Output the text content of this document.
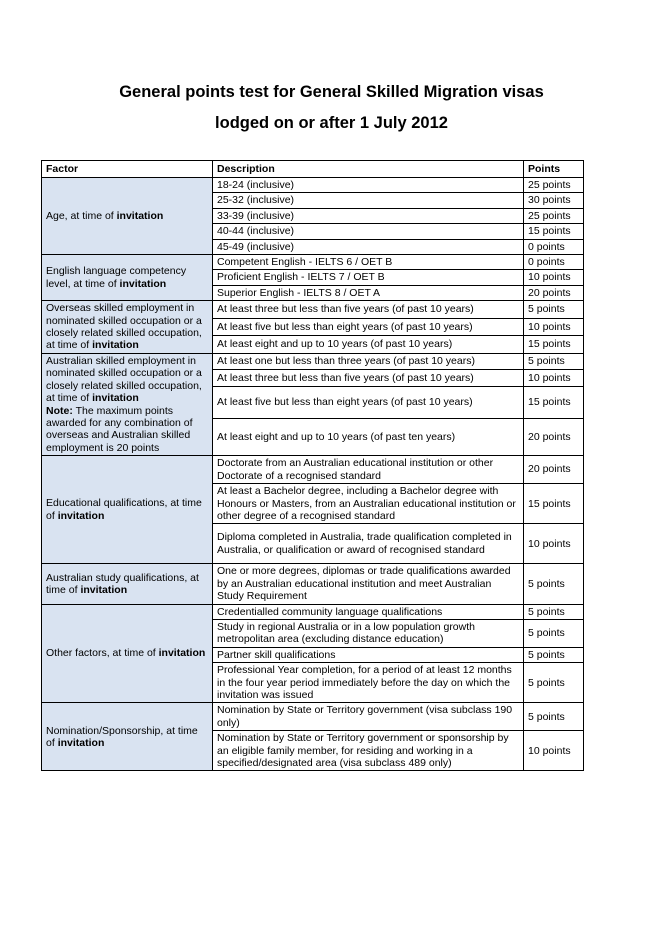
General points test for General Skilled Migration visas
lodged on or after 1 July 2012
Factor	Description	Points
Age, at time of invitation	18-24 (inclusive)	25 points
	25-32 (inclusive)	30 points
	33-39 (inclusive)	25 points
	40-44 (inclusive)	15 points
	45-49 (inclusive)	0 points
English language competency level, at time of invitation	Competent English - IELTS 6 / OET B	0 points
	Proficient English - IELTS 7 / OET B	10 points
	Superior English - IELTS 8 / OET A	20 points
Overseas skilled employment in nominated skilled occupation or a closely related skilled occupation, at time of invitation	At least three but less than five years (of past 10 years)	5 points
	At least five but less than eight years (of past 10 years)	10 points
	At least eight and up to 10 years (of past 10 years)	15 points
Australian skilled employment in nominated skilled occupation or a closely related skilled occupation, at time of invitation
Note: The maximum points awarded for any combination of overseas and Australian skilled employment is 20 points	At least one but less than three years (of past 10 years)	5 points
	At least three but less than five years (of past 10 years)	10 points
	At least five but less than eight years (of past 10 years)	15 points
	At least eight and up to 10 years (of past ten years)	20 points
Educational qualifications, at time of invitation	Doctorate from an Australian educational institution or other Doctorate of a recognised standard	20 points
	At least a Bachelor degree, including a Bachelor degree with Honours or Masters, from an Australian educational institution or other degree of a recognised standard	15 points
	Diploma completed in Australia, trade qualification completed in Australia, or qualification or award of recognised standard	10 points
Australian study qualifications, at time of invitation	One or more degrees, diplomas or trade qualifications awarded by an Australian educational institution and meet Australian Study Requirement	5 points
Other factors, at time of invitation	Credentialled community language qualifications	5 points
	Study in regional Australia or in a low population growth metropolitan area (excluding distance education)	5 points
	Partner skill qualifications	5 points
	Professional Year completion, for a period of at least 12 months in the four year period immediately before the day on which the invitation was issued	5 points
Nomination/Sponsorship, at time of invitation	Nomination by State or Territory government (visa subclass 190 only)	5 points
	Nomination by State or Territory government or sponsorship by an eligible family member, for residing and working in a specified/designated area (visa subclass 489 only)	10 points
